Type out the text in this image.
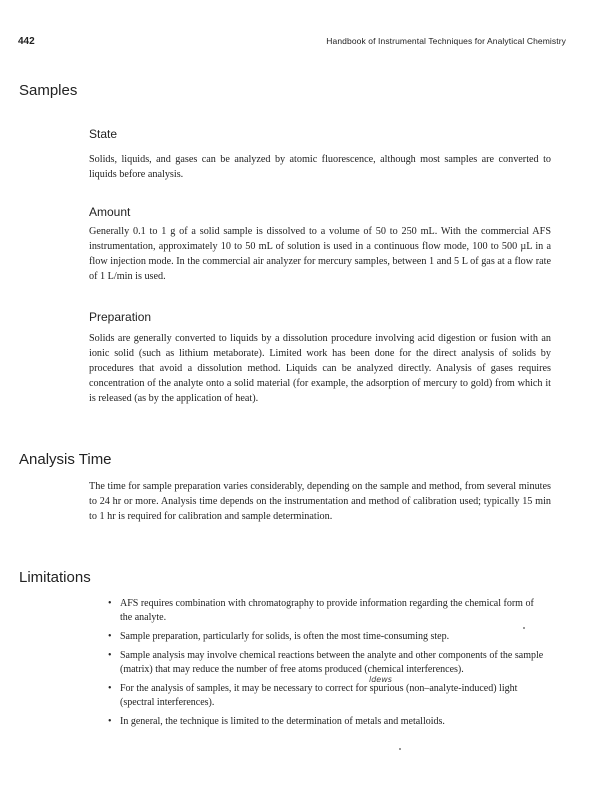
442	Handbook of Instrumental Techniques for Analytical Chemistry
Samples
State

Solids, liquids, and gases can be analyzed by atomic fluorescence, although most samples are converted to liquids before analysis.

Amount

Generally 0.1 to 1 g of a solid sample is dissolved to a volume of 50 to 250 mL. With the commercial AFS instrumentation, approximately 10 to 50 mL of solution is used in a continuous flow mode, 100 to 500 µL in a flow injection mode. In the commercial air analyzer for mercury samples, between 1 and 5 L of gas at a flow rate of 1 L/min is used.

Preparation

Solids are generally converted to liquids by a dissolution procedure involving acid digestion or fusion with an ionic solid (such as lithium metaborate). Limited work has been done for the direct analysis of solids by procedures that avoid a dissolution method. Liquids can be analyzed directly. Analysis of gases requires concentration of the analyte onto a solid material (for example, the adsorption of mercury to gold) from which it is released (as by the application of heat).

Analysis Time

The time for sample preparation varies considerably, depending on the sample and method, from several minutes to 24 hr or more. Analysis time depends on the instrumentation and method of calibration used; typically 15 min to 1 hr is required for calibration and sample determination.

Limitations
• AFS requires combination with chromatography to provide information regarding the chemical form of the analyte.
• Sample preparation, particularly for solids, is often the most time-consuming step.
• Sample analysis may involve chemical reactions between the analyte and other components of the sample (matrix) that may reduce the number of free atoms produced (chemical interferences).
• For the analysis of samples, it may be necessary to correct for spurious (non–analyte-induced) light (spectral interferences).
• In general, the technique is limited to the determination of metals and metalloids.
ldews
